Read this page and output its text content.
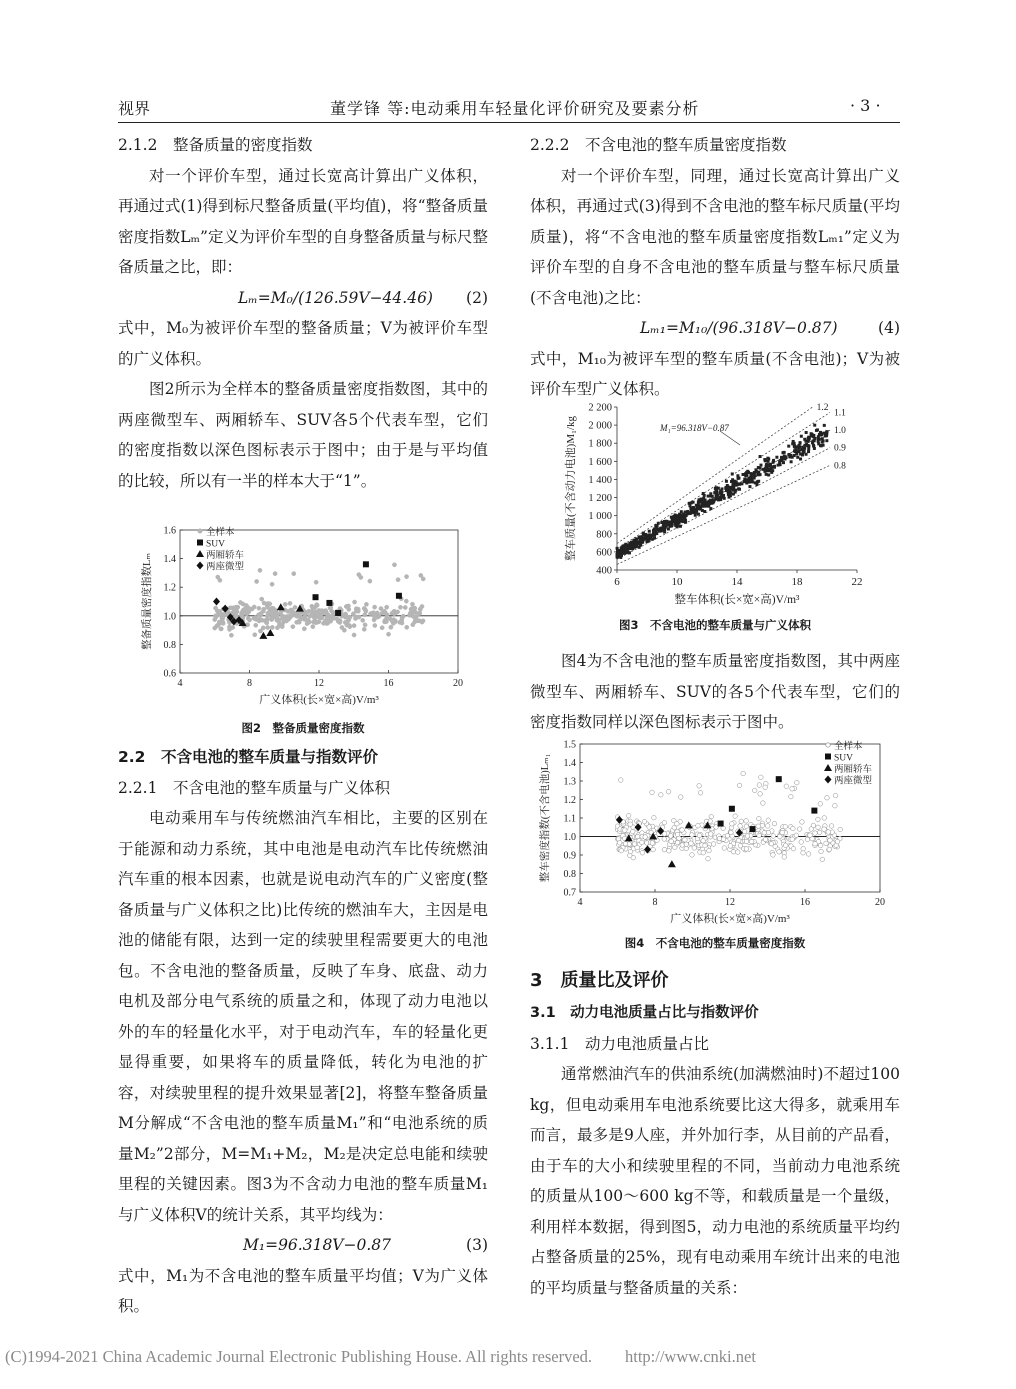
视界	董学锋 等:电动乘用车轻量化评价研究及要素分析	· 3 ·

2.1.2　整备质量的密度指数

对一个评价车型，通过长宽高计算出广义体积，再通过式(1)得到标尺整备质量(平均值)，将“整备质量密度指数Lₘ”定义为评价车型的自身整备质量与标尺整备质量之比，即：

Lₘ=M₀/(126.59V−44.46) (2)

式中，M₀为被评价车型的整备质量；V为被评价车型的广义体积。

图2所示为全样本的整备质量密度指数图，其中的两座微型车、两厢轿车、SUV各5个代表车型，它们的密度指数以深色图标表示于图中；由于是与平均值的比较，所以有一半的样本大于“1”。

4	8	12	16	20
0.6
0.8
1.0
1.2
1.4
1.6	全样本
SUV
两厢轿车
两座微型
广义体积(长×宽×高)V/m³
整备质量密度指数Lₘ
图2　整备质量密度指数

2.2　不含电池的整车质量与指数评价

2.2.1　不含电池的整车质量与广义体积

电动乘用车与传统燃油汽车相比，主要的区别在于能源和动力系统，其中电池是电动汽车比传统燃油汽车重的根本因素，也就是说电动汽车的广义密度(整备质量与广义体积之比)比传统的燃油车大，主因是电池的储能有限，达到一定的续驶里程需要更大的电池包。不含电池的整备质量，反映了车身、底盘、动力电机及部分电气系统的质量之和，体现了动力电池以外的车的轻量化水平，对于电动汽车，车的轻量化更显得重要，如果将车的质量降低，转化为电池的扩容，对续驶里程的提升效果显著[2]，将整车整备质量M分解成“不含电池的整车质量M₁”和“电池系统的质量M₂”2部分，M=M₁+M₂，M₂是决定总电能和续驶里程的关键因素。图3为不含动力电池的整车质量M₁与广义体积V的统计关系，其平均线为：

M₁=96.318V−0.87	(3)

式中，M₁为不含电池的整车质量平均值；V为广义体积。

2.2.2　不含电池的整车质量密度指数

对一个评价车型，同理，通过长宽高计算出广义体积，再通过式(3)得到不含电池的整车标尺质量(平均质量)，将“不含电池的整车质量密度指数Lₘ₁”定义为评价车型的自身不含电池的整车质量与整车标尺质量(不含电池)之比：

Lₘ₁=M₁₀/(96.318V−0.87)	(4)

式中，M₁₀为被评车型的整车质量(不含电池)；V为被评价车型广义体积。

6	10	14	18	22
400
600
800
1 000
1 200
1 400
1 600
1 800
2 000
2 200	1.2
1.1
1.0
0.9
0.8
M₁=96.318V−0.87
整车体积(长×宽×高)V/m³
整车质量(不含动力电池)M₁/kg
图3　不含电池的整车质量与广义体积

图4为不含电池的整车质量密度指数图，其中两座微型车、两厢轿车、SUV的各5个代表车型，它们的密度指数同样以深色图标表示于图中。

4	8	12	16	20
0.7
0.8
0.9
1.0
1.1
1.2
1.3
1.4
1.5	全样本
SUV
两厢轿车
两座微型
广义体积(长×宽×高)V/m³
整车密度指数(不含电池)Lₘ₁
图4　不含电池的整车质量密度指数

3　质量比及评价

3.1　动力电池质量占比与指数评价

3.1.1　动力电池质量占比

通常燃油汽车的供油系统(加满燃油时)不超过100 kg，但电动乘用车电池系统要比这大得多，就乘用车而言，最多是9人座，并外加行李，从目前的产品看，由于车的大小和续驶里程的不同，当前动力电池系统的质量从100～600 kg不等，和载质量是一个量级，利用样本数据，得到图5，动力电池的系统质量平均约占整备质量的25%，现有电动乘用车统计出来的电池的平均质量与整备质量的关系：

(C)1994-2021 China Academic Journal Electronic Publishing House. All rights reserved.　　http://www.cnki.net
